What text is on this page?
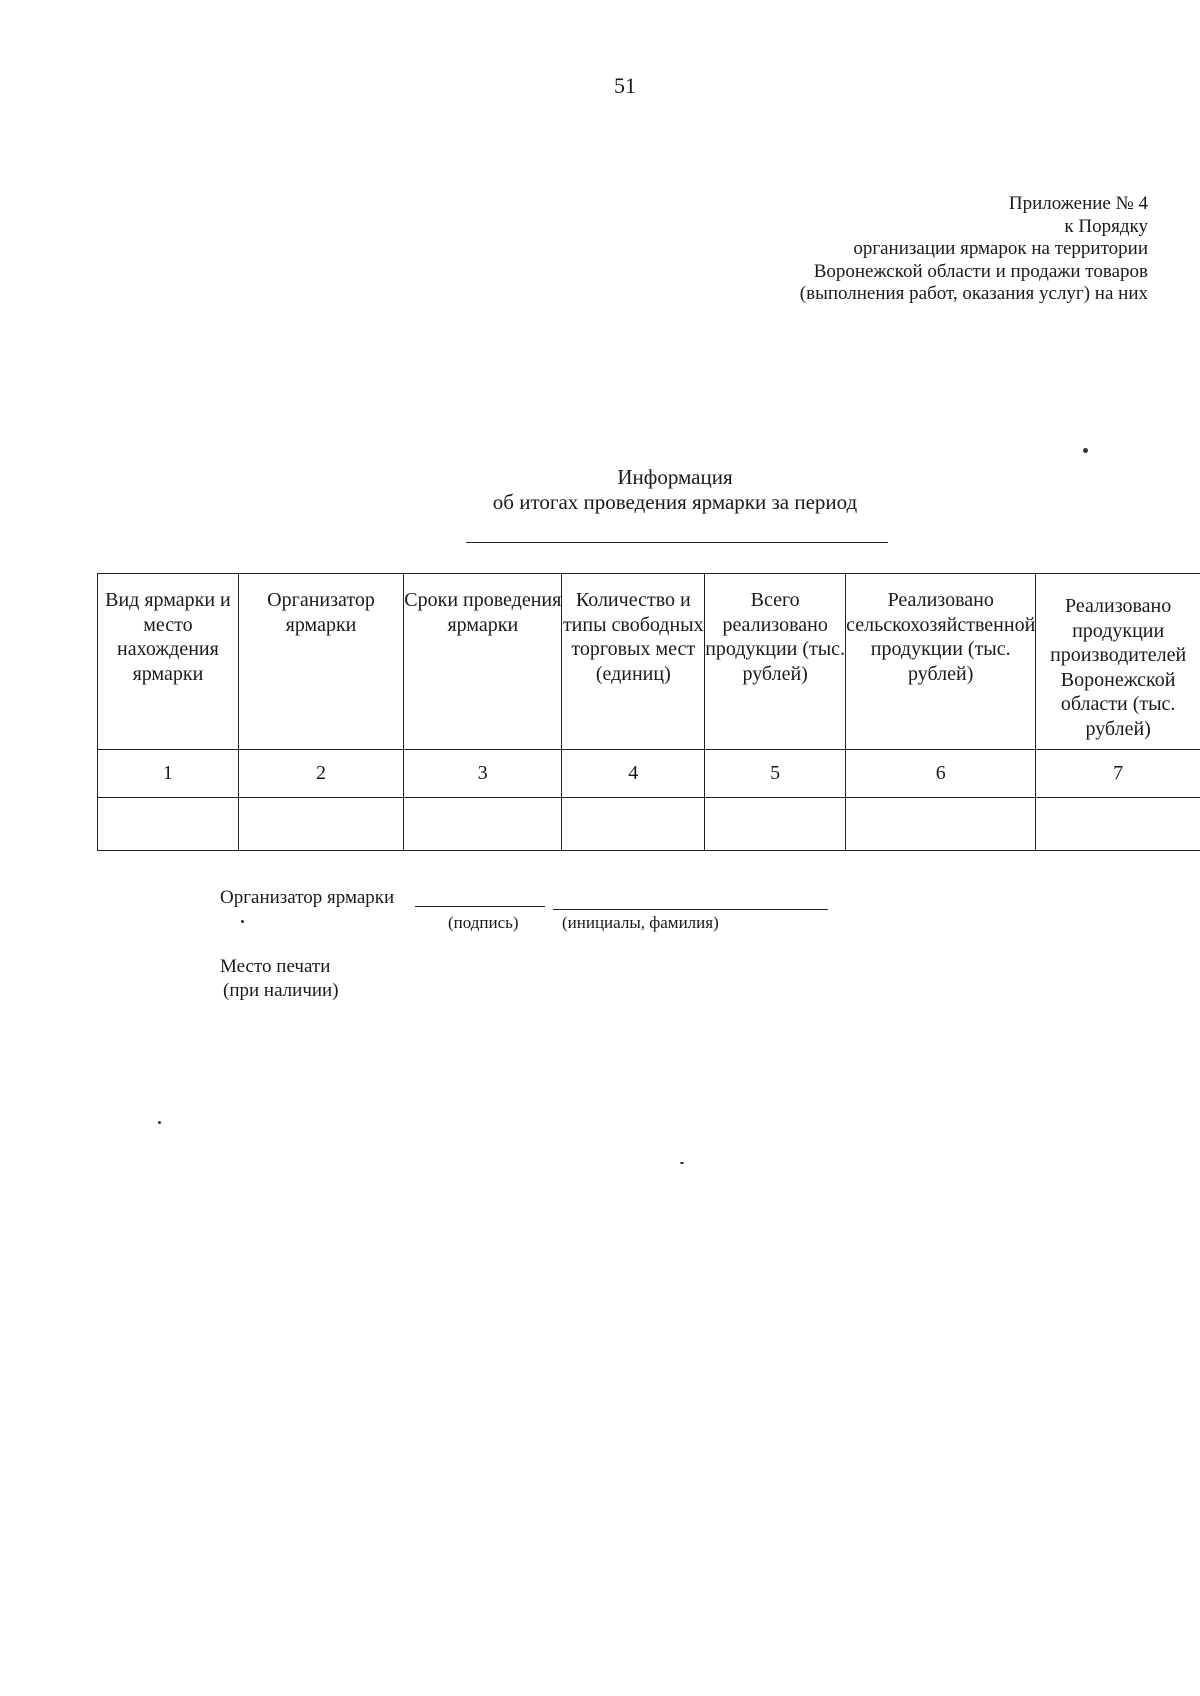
51
Приложение № 4
к Порядку
организации ярмарок на территории
Воронежской области и продажи товаров
(выполнения работ, оказания услуг) на них
Информация
об итогах проведения ярмарки за период
Вид ярмарки и место нахождения ярмарки	Организатор ярмарки	Сроки проведения ярмарки	Количество и типы свободных торговых мест (единиц)	Всего реализовано продукции (тыс. рублей)	Реализовано сельскохозяйственной продукции (тыс. рублей)	Реализовано продукции производителей Воронежской области (тыс. рублей)
1	2	3	4	5	6	7

Организатор ярмарки
(подпись)	(инициалы, фамилия)
Место печати
(при наличии)
